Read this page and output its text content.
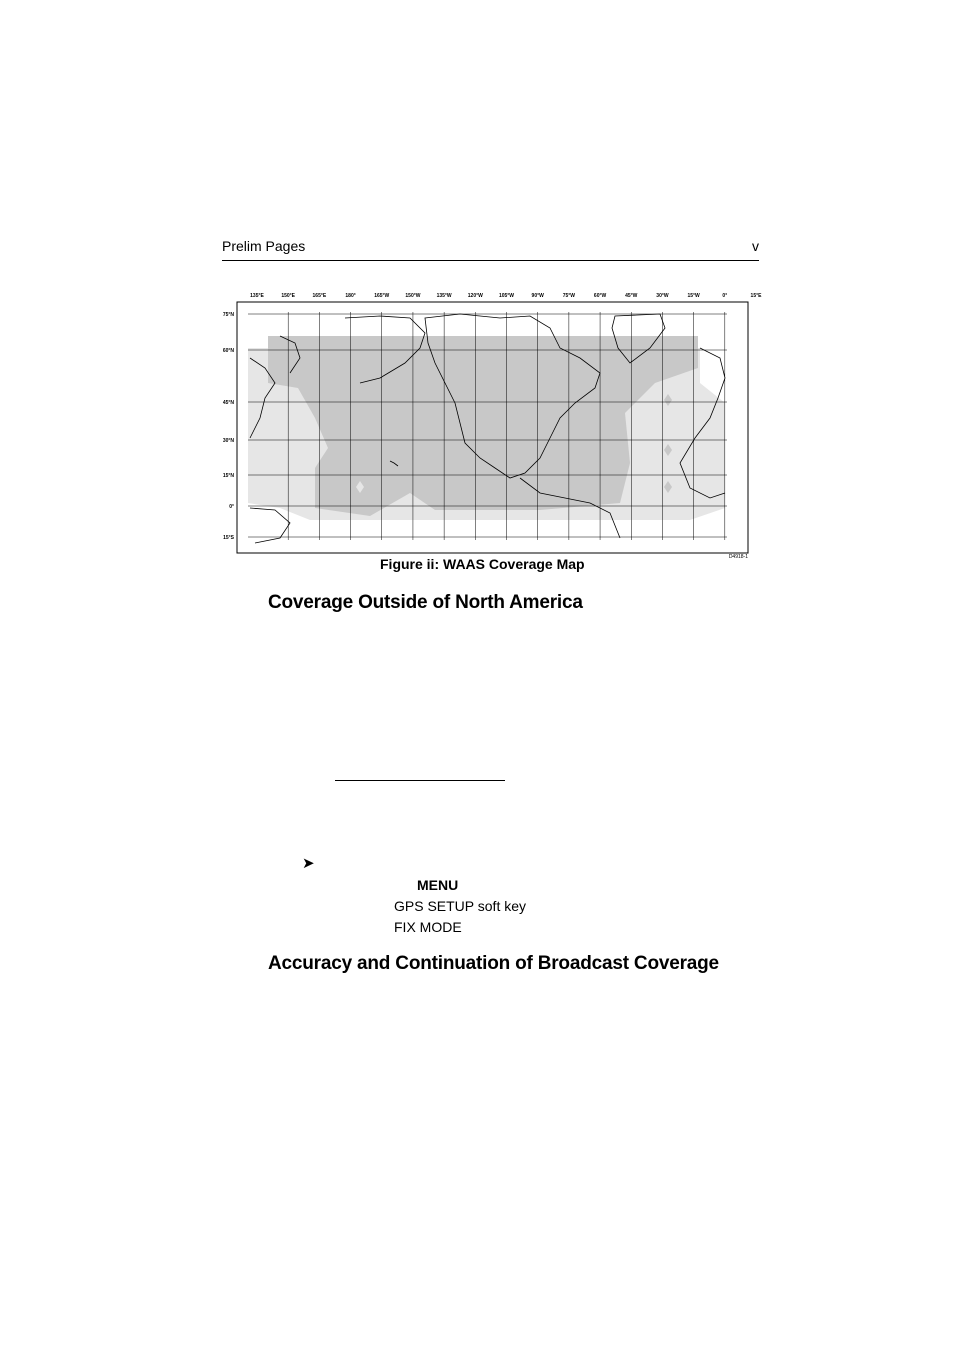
Prelim Pages	v
135°E	150°E	165°E	180°	165°W	150°W	135°W	120°W	105°W	90°W	75°W	60°W	45°W	30°W	15°W	0°	15°E
75°N
60°N
45°N
30°N
15°N
0°
15°S
D4918-1
Figure ii: WAAS Coverage Map
Coverage Outside of North America
➤
MENU
GPS SETUP soft key
FIX MODE
Accuracy and Continuation of Broadcast Coverage
